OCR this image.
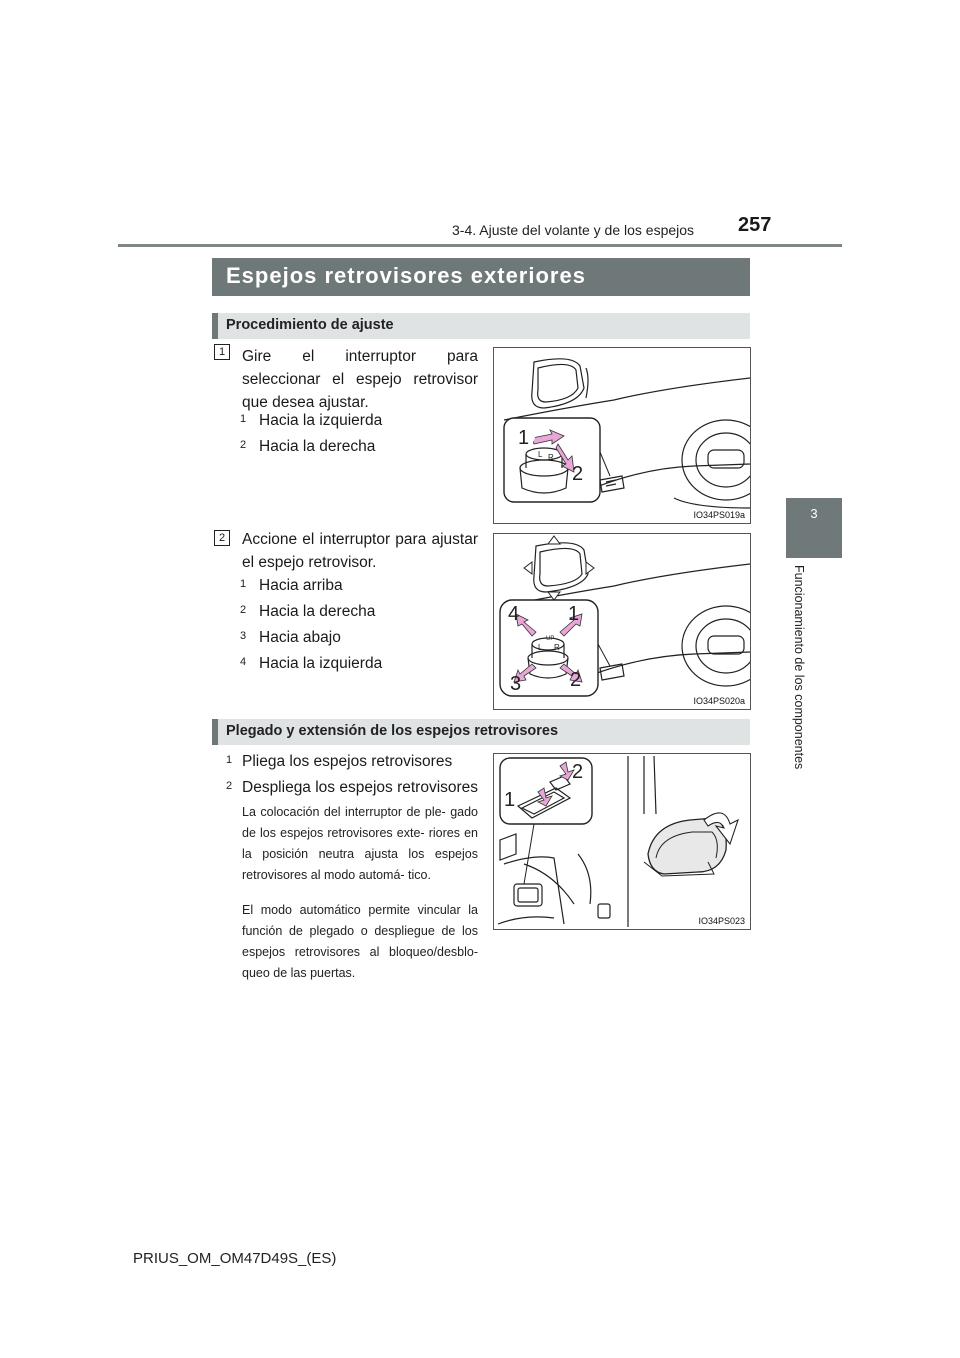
3-4. Ajuste del volante y de los espejos 257
3
Funcionamiento de los componentes
Espejos retrovisores exteriores
Procedimiento de ajuste
1	Gire el interruptor para seleccionar el espejo retrovisor que desea ajustar.
1 Hacia la izquierda
2 Hacia la derecha	L R
1
2
IO34PS019a
2	Accione el interruptor para ajustar el espejo retrovisor.
1 Hacia arriba
2 Hacia la derecha
3 Hacia abajo
4 Hacia la izquierda
L R
UP
1
2
3
4
IO34PS020a
Plegado y extensión de los espejos retrovisores
1 Pliega los espejos retrovisores
2 Despliega los espejos retrovisores
La colocación del interruptor de ple- gado de los espejos retrovisores exte- riores en la posición neutra ajusta los espejos retrovisores al modo automá- tico.
El modo automático permite vincular la función de plegado o despliegue de los espejos retrovisores al bloqueo/desblo- queo de las puertas.
1
2
IO34PS023
PRIUS_OM_OM47D49S_(ES)
